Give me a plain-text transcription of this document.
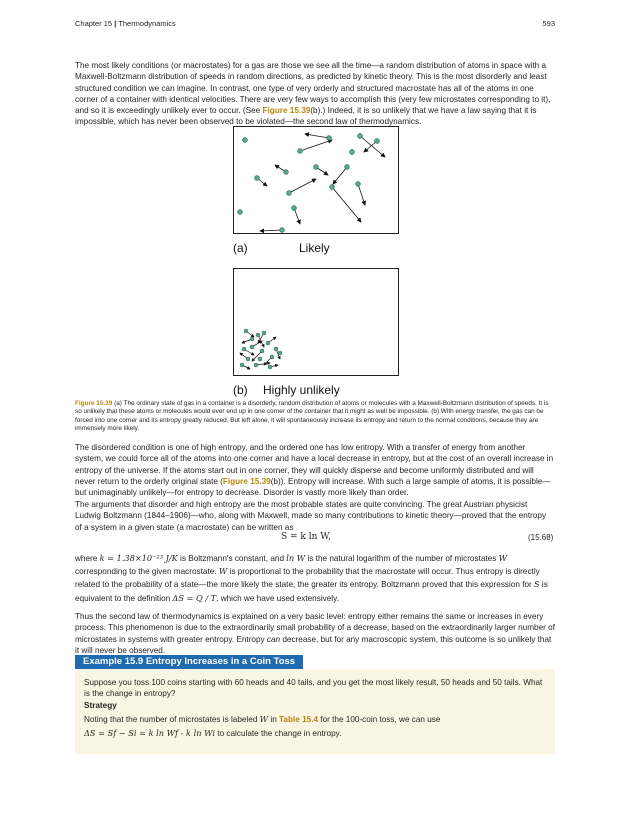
Chapter 15 | Thermodynamics	593

The most likely conditions (or macrostates) for a gas are those we see all the time—a random distribution of atoms in space with a Maxwell-Boltzmann distribution of speeds in random directions, as predicted by kinetic theory. This is the most disorderly and least structured condition we can imagine. In contrast, one type of very orderly and structured macrostate has all of the atoms in one corner of a container with identical velocities. There are very few ways to accomplish this (very few microstates corresponding to it), and so it is exceedingly unlikely ever to occur. (See Figure 15.39(b).) Indeed, it is so unlikely that we have a law saying that it is impossible, which has never been observed to be violated—the second law of thermodynamics.

(a)	Likely
(b) Highly unlikely

Figure 15.39 (a) The ordinary state of gas in a container is a disorderly, random distribution of atoms or molecules with a Maxwell-Boltzmann distribution of speeds. It is so unlikely that these atoms or molecules would ever end up in one corner of the container that it might as well be impossible. (b) With energy transfer, the gas can be forced into one corner and its entropy greatly reduced. But left alone, it will spontaneously increase its entropy and return to the normal conditions, because they are immensely more likely.

The disordered condition is one of high entropy, and the ordered one has low entropy. With a transfer of energy from another system, we could force all of the atoms into one corner and have a local decrease in entropy, but at the cost of an overall increase in entropy of the universe. If the atoms start out in one corner, they will quickly disperse and become uniformly distributed and will never return to the orderly original state (Figure 15.39(b)). Entropy will increase. With such a large sample of atoms, it is possible—but unimaginably unlikely—for entropy to decrease. Disorder is vastly more likely than order.

The arguments that disorder and high entropy are the most probable states are quite convincing. The great Austrian physicist Ludwig Boltzmann (1844–1906)—who, along with Maxwell, made so many contributions to kinetic theory—proved that the entropy of a system in a given state (a macrostate) can be written as

S = k ln W,	(15.68)

where k = 1.38×10⁻²³ J/K is Boltzmann's constant, and ln W is the natural logarithm of the number of microstates W corresponding to the given macrostate. W is proportional to the probability that the macrostate will occur. Thus entropy is directly related to the probability of a state—the more likely the state, the greater its entropy. Boltzmann proved that this expression for S is equivalent to the definition ΔS = Q / T, which we have used extensively.

Thus the second law of thermodynamics is explained on a very basic level: entropy either remains the same or increases in every process. This phenomenon is due to the extraordinarily small probability of a decrease, based on the extraordinarily larger number of microstates in systems with greater entropy. Entropy can decrease, but for any macroscopic system, this outcome is so unlikely that it will never be observed.

Example 15.9 Entropy Increases in a Coin Toss

Suppose you toss 100 coins starting with 60 heads and 40 tails, and you get the most likely result, 50 heads and 50 tails. What is the change in entropy?

Strategy

Noting that the number of microstates is labeled W in Table 15.4 for the 100-coin toss, we can use

ΔS = Sf − Si = k ln Wf - k ln Wi to calculate the change in entropy.
